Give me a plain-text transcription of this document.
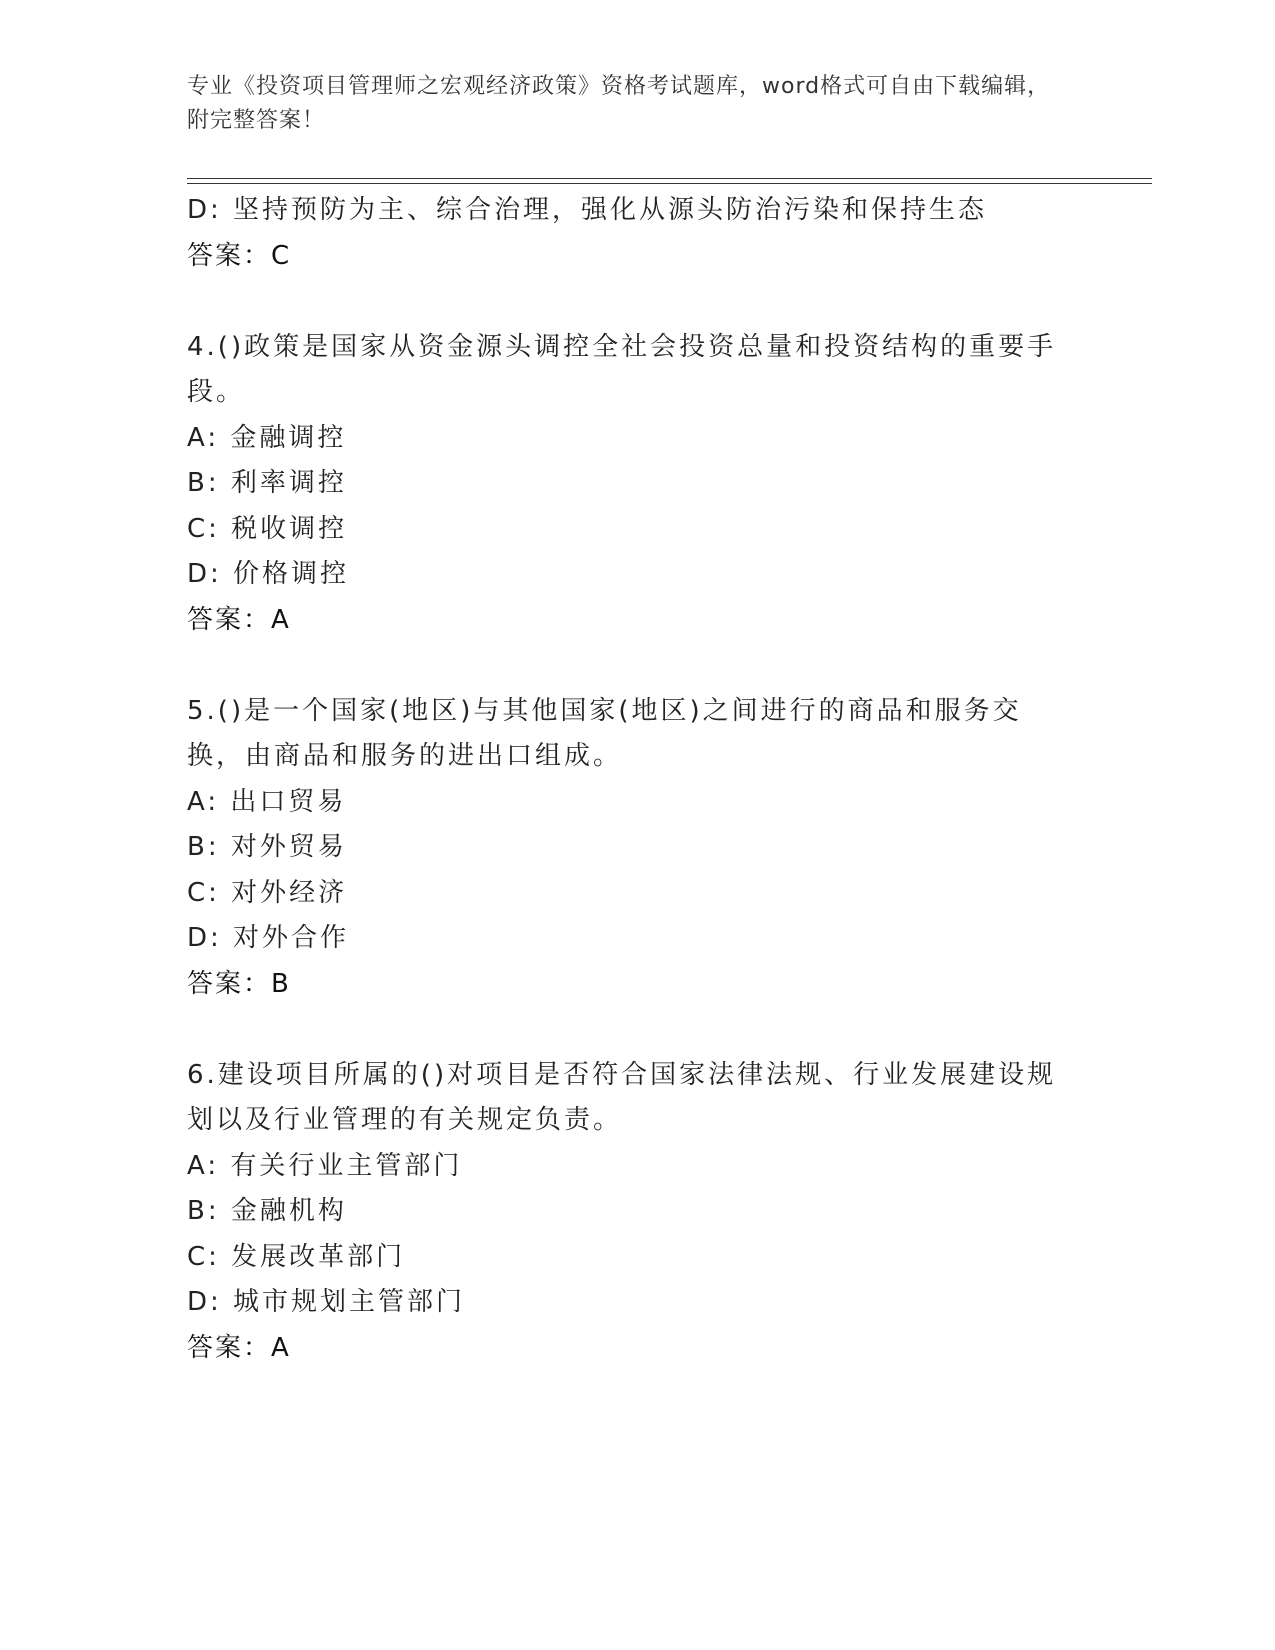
专业《投资项目管理师之宏观经济政策》资格考试题库，word格式可自由下载编辑，附完整答案！
D: 坚持预防为主、综合治理，强化从源头防治污染和保持生态
答案：C
4.()政策是国家从资金源头调控全社会投资总量和投资结构的重要手段。
A: 金融调控
B: 利率调控
C: 税收调控
D: 价格调控
答案：A
5.()是一个国家(地区)与其他国家(地区)之间进行的商品和服务交换，由商品和服务的进出口组成。
A: 出口贸易
B: 对外贸易
C: 对外经济
D: 对外合作
答案：B
6.建设项目所属的()对项目是否符合国家法律法规、行业发展建设规划以及行业管理的有关规定负责。
A: 有关行业主管部门
B: 金融机构
C: 发展改革部门
D: 城市规划主管部门
答案：A
